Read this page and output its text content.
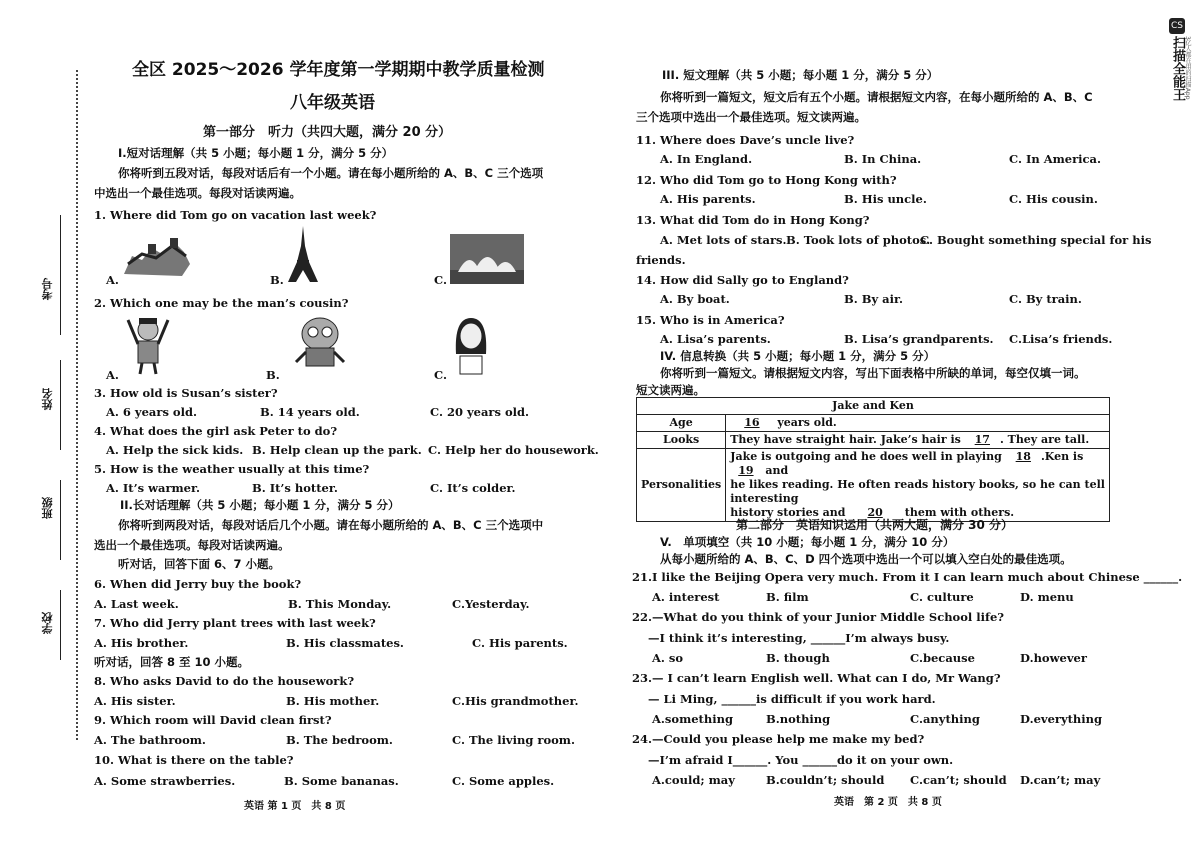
考号
姓名
班级
学校
全区 2025～2026 学年度第一学期期中教学质量检测
八年级英语
第一部分　听力（共四大题，满分 20 分）
I.短对话理解（共 5 小题；每小题 1 分，满分 5 分）
你将听到五段对话，每段对话后有一个小题。请在每小题所给的 A、B、C 三个选项
中选出一个最佳选项。每段对话读两遍。
1. Where did Tom go on vacation last week?
A.	B.	C.
2. Which one may be the man’s cousin?
A.	B.	C.
3. How old is Susan’s sister?
A. 6 years old.	B. 14 years old.	C. 20 years old.
4. What does the girl ask Peter to do?
A. Help the sick kids. B. Help clean up the park. C. Help her do housework.
5. How is the weather usually at this time?
A. It’s warmer.	B. It’s hotter.	C. It’s colder.
II.长对话理解（共 5 小题；每小题 1 分，满分 5 分）
你将听到两段对话，每段对话后几个小题。请在每小题所给的 A、B、C 三个选项中
选出一个最佳选项。每段对话读两遍。
听对话，回答下面 6、7 小题。
6. When did Jerry buy the book?
A. Last week.	B. This Monday.	C.Yesterday.
7. Who did Jerry plant trees with last week?
A. His brother.	B. His classmates.	C. His parents.
听对话，回答 8 至 10 小题。
8. Who asks David to do the housework?
A. His sister.	B. His mother.	C.His grandmother.
9. Which room will David clean first?
A. The bathroom.	B. The bedroom.	C. The living room.
10. What is there on the table?
A. Some strawberries.	B. Some bananas.	C. Some apples.
英语 第 1 页　共 8 页
III. 短文理解（共 5 小题；每小题 1 分，满分 5 分）
你将听到一篇短文，短文后有五个小题。请根据短文内容，在每小题所给的 A、B、C
三个选项中选出一个最佳选项。短文读两遍。
11. Where does Dave’s uncle live?
A. In England.	B. In China.	C. In America.
12. Who did Tom go to Hong Kong with?
A. His parents.	B. His uncle.	C. His cousin.
13. What did Tom do in Hong Kong?
A. Met lots of stars. B. Took lots of photos.
C. Bought something special for his
friends.
14. How did Sally go to England?
A. By boat.	B. By air.	C. By train.
15. Who is in America?
A. Lisa’s parents.	B. Lisa’s grandparents. C.Lisa’s friends.
IV. 信息转换（共 5 小题；每小题 1 分，满分 5 分）
你将听到一篇短文。请根据短文内容，写出下面表格中所缺的单词，每空仅填一词。
短文读两遍。
Jake and Ken	
Age	16 years old.
Looks	They have straight hair. Jake’s hair is 17 . They are tall.
Personalities	Jake is outgoing and he does well in playing 18 .Ken is 19 and
he likes reading. He often reads history books, so he can tell interesting
history stories and 20 them with others.
第二部分　英语知识运用（共两大题，满分 30 分）
V.　单项填空（共 10 小题；每小题 1 分，满分 10 分）
从每小题所给的 A、B、C、D 四个选项中选出一个可以填入空白处的最佳选项。
21.I like the Beijing Opera very much. From it I can learn much about Chinese ______.
A. interest	B. film	C. culture	D. menu
22.—What do you think of your Junior Middle School life?
—I think it’s interesting, ______I’m always busy.
A. so	B. though	C.because	D.however
23.— I can’t learn English well. What can I do, Mr Wang?
— Li Ming, ______is difficult if you work hard.
A.something	B.nothing	C.anything	D.everything
24.—Could you please help me make my bed?
—I’m afraid I______. You ______do it on your own.
A.could; may	B.couldn’t; should C.can’t; should D.can’t; may
英语　第 2 页　共 8 页
CS
扫描全能王 3亿人都在用的扫描App
